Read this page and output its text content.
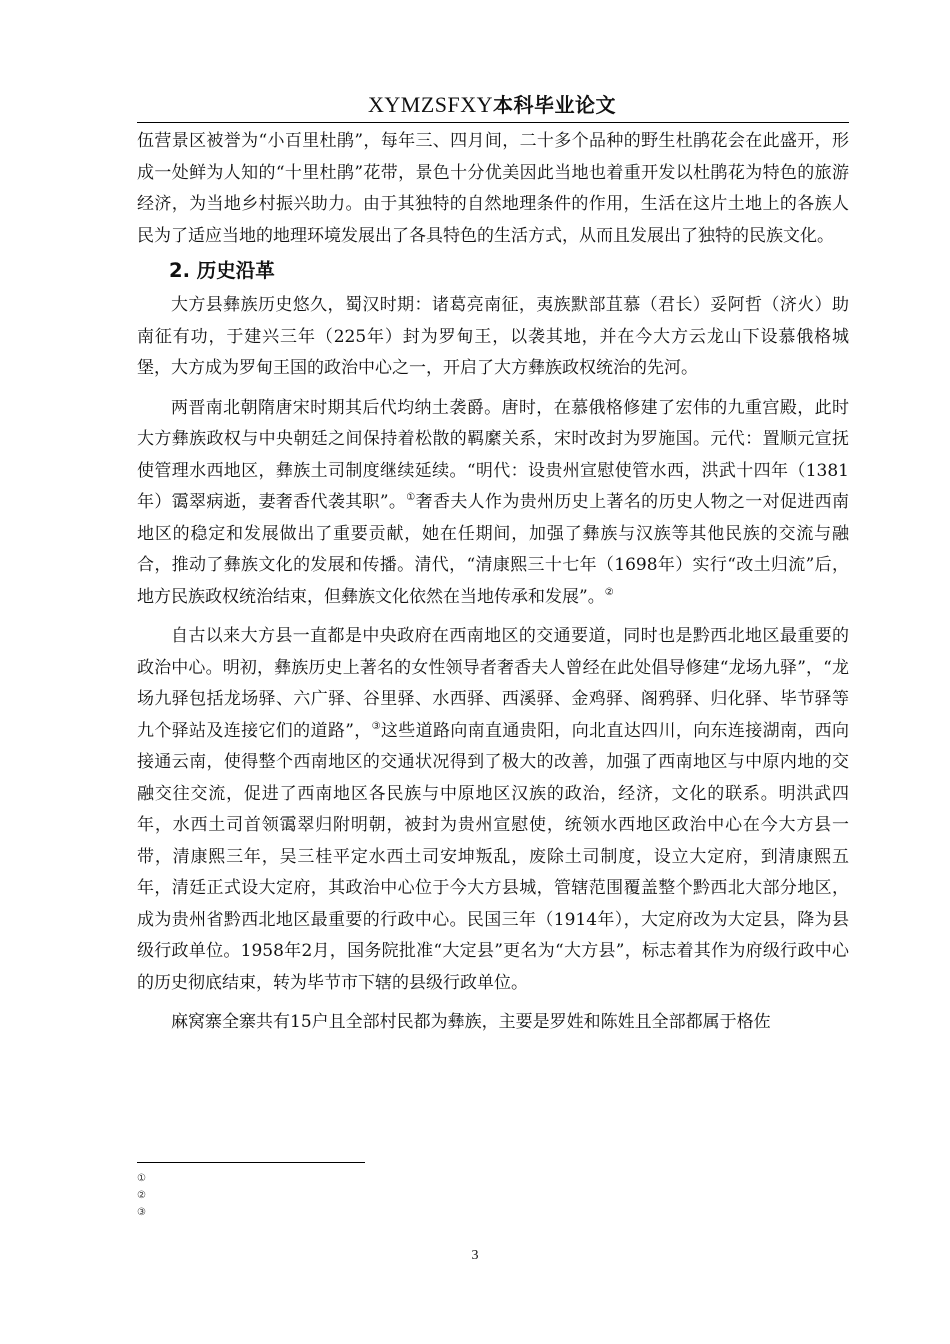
XYMZSFXY本科毕业论文

伍营景区被誉为“小百里杜鹃”，每年三、四月间，二十多个品种的野生杜鹃花会在此盛开，形成一处鲜为人知的“十里杜鹃”花带，景色十分优美因此当地也着重开发以杜鹃花为特色的旅游经济，为当地乡村振兴助力。由于其独特的自然地理条件的作用，生活在这片土地上的各族人民为了适应当地的地理环境发展出了各具特色的生活方式，从而且发展出了独特的民族文化。

2. 历史沿革

大方县彝族历史悠久，蜀汉时期：诸葛亮南征，夷族默部苴慕（君长）妥阿哲（济火）助南征有功，于建兴三年（225年）封为罗甸王，以袭其地，并在今大方云龙山下设慕俄格城堡，大方成为罗甸王国的政治中心之一，开启了大方彝族政权统治的先河。

两晋南北朝隋唐宋时期其后代均纳土袭爵。唐时，在慕俄格修建了宏伟的九重宫殿，此时大方彝族政权与中央朝廷之间保持着松散的羁縻关系，宋时改封为罗施国。元代：置顺元宣抚使管理水西地区，彝族土司制度继续延续。“明代：设贵州宣慰使管水西，洪武十四年（1381年）霭翠病逝，妻奢香代袭其职”。①奢香夫人作为贵州历史上著名的历史人物之一对促进西南地区的稳定和发展做出了重要贡献，她在任期间，加强了彝族与汉族等其他民族的交流与融合，推动了彝族文化的发展和传播。清代，“清康熙三十七年（1698年）实行“改土归流”后，地方民族政权统治结束，但彝族文化依然在当地传承和发展”。②

自古以来大方县一直都是中央政府在西南地区的交通要道，同时也是黔西北地区最重要的政治中心。明初，彝族历史上著名的女性领导者奢香夫人曾经在此处倡导修建“龙场九驿”，“龙场九驿包括龙场驿、六广驿、谷里驿、水西驿、西溪驿、金鸡驿、阁鸦驿、归化驿、毕节驿等九个驿站及连接它们的道路”，③这些道路向南直通贵阳，向北直达四川，向东连接湖南，西向接通云南，使得整个西南地区的交通状况得到了极大的改善，加强了西南地区与中原内地的交融交往交流，促进了西南地区各民族与中原地区汉族的政治，经济，文化的联系。明洪武四年，水西土司首领霭翠归附明朝，被封为贵州宣慰使，统领水西地区政治中心在今大方县一带，清康熙三年，吴三桂平定水西土司安坤叛乱，废除土司制度，设立大定府，到清康熙五年，清廷正式设大定府，其政治中心位于今大方县城，管辖范围覆盖整个黔西北大部分地区，成为贵州省黔西北地区最重要的行政中心。民国三年（1914年），大定府改为大定县，降为县级行政单位。1958年2月，国务院批准“大定县”更名为“大方县”，标志着其作为府级行政中心的历史彻底结束，转为毕节市下辖的县级行政单位。

麻窝寨全寨共有15户且全部村民都为彝族，主要是罗姓和陈姓且全部都属于格佐

①
②
③
3
